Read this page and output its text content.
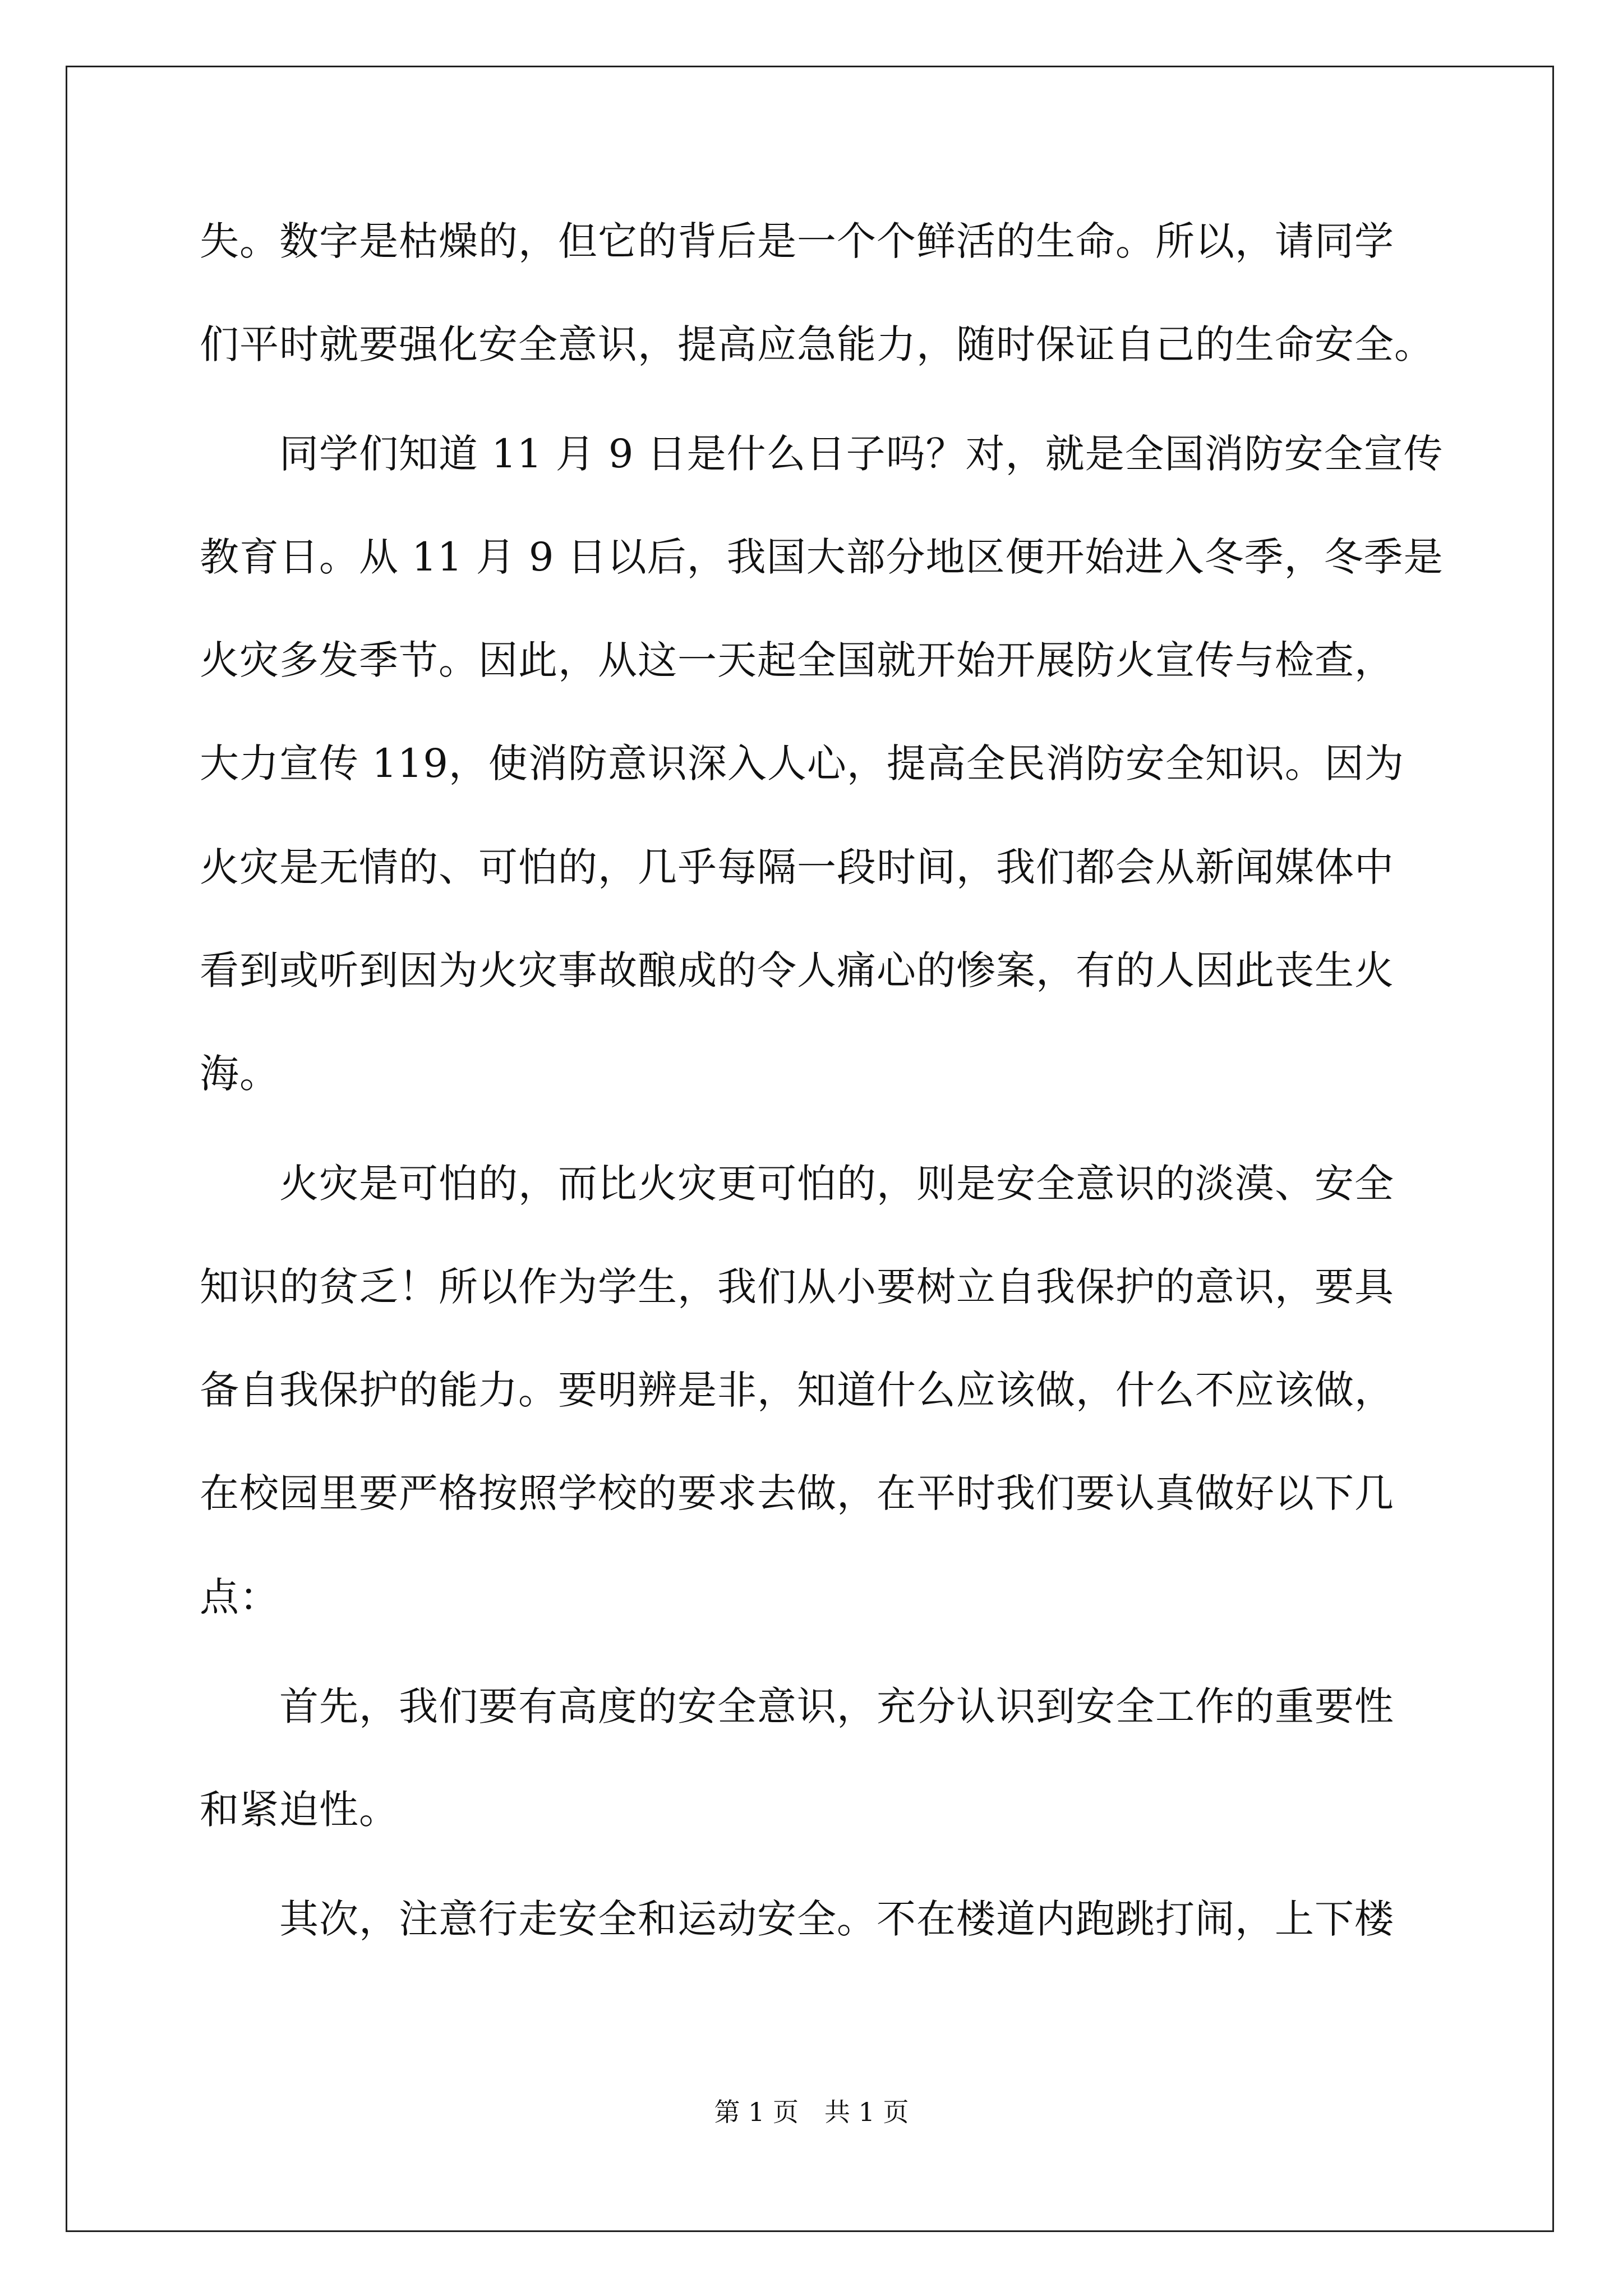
失。数字是枯燥的，但它的背后是一个个鲜活的生命。所以，请同学
们平时就要强化安全意识，提高应急能力，随时保证自己的生命安全。
　　同学们知道 11 月 9 日是什么日子吗？对，就是全国消防安全宣传
教育日。从 11 月 9 日以后，我国大部分地区便开始进入冬季，冬季是
火灾多发季节。因此，从这一天起全国就开始开展防火宣传与检查，
大力宣传 119，使消防意识深入人心，提高全民消防安全知识。因为
火灾是无情的、可怕的，几乎每隔一段时间，我们都会从新闻媒体中
看到或听到因为火灾事故酿成的令人痛心的惨案，有的人因此丧生火
海。
　　火灾是可怕的，而比火灾更可怕的，则是安全意识的淡漠、安全
知识的贫乏！所以作为学生，我们从小要树立自我保护的意识，要具
备自我保护的能力。要明辨是非，知道什么应该做，什么不应该做，
在校园里要严格按照学校的要求去做，在平时我们要认真做好以下几
点：
　　首先，我们要有高度的安全意识，充分认识到安全工作的重要性
和紧迫性。
　　其次，注意行走安全和运动安全。不在楼道内跑跳打闹，上下楼
第 1 页　共 1 页
